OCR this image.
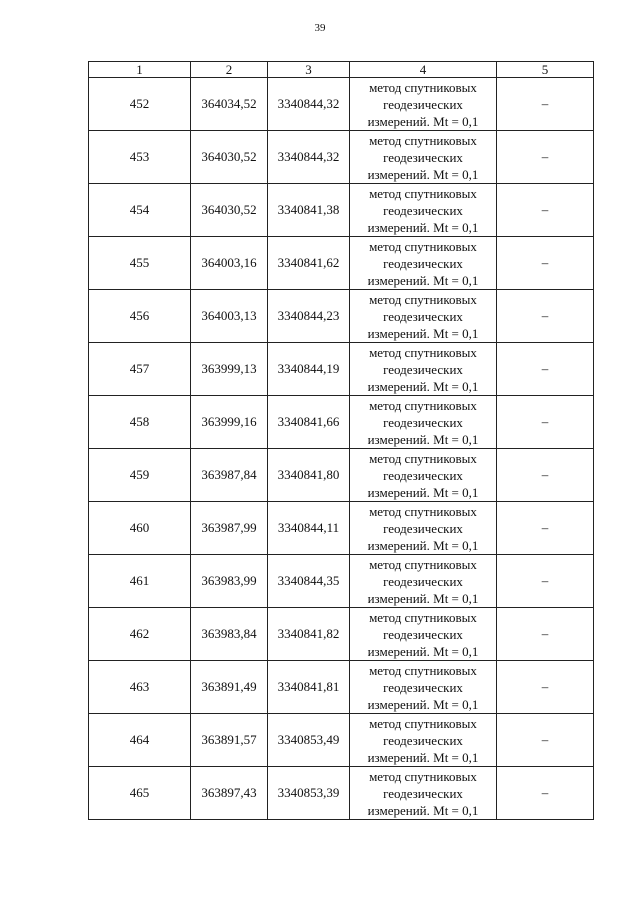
39
1	2	3	4	5
452	364034,52	3340844,32	метод спутниковых
геодезических
измерений. Mt = 0,1	–
453	364030,52	3340844,32	метод спутниковых
геодезических
измерений. Mt = 0,1	–
454	364030,52	3340841,38	метод спутниковых
геодезических
измерений. Mt = 0,1	–
455	364003,16	3340841,62	метод спутниковых
геодезических
измерений. Mt = 0,1	–
456	364003,13	3340844,23	метод спутниковых
геодезических
измерений. Mt = 0,1	–
457	363999,13	3340844,19	метод спутниковых
геодезических
измерений. Mt = 0,1	–
458	363999,16	3340841,66	метод спутниковых
геодезических
измерений. Mt = 0,1	–
459	363987,84	3340841,80	метод спутниковых
геодезических
измерений. Mt = 0,1	–
460	363987,99	3340844,11	метод спутниковых
геодезических
измерений. Mt = 0,1	–
461	363983,99	3340844,35	метод спутниковых
геодезических
измерений. Mt = 0,1	–
462	363983,84	3340841,82	метод спутниковых
геодезических
измерений. Mt = 0,1	–
463	363891,49	3340841,81	метод спутниковых
геодезических
измерений. Mt = 0,1	–
464	363891,57	3340853,49	метод спутниковых
геодезических
измерений. Mt = 0,1	–
465	363897,43	3340853,39	метод спутниковых
геодезических
измерений. Mt = 0,1	–
